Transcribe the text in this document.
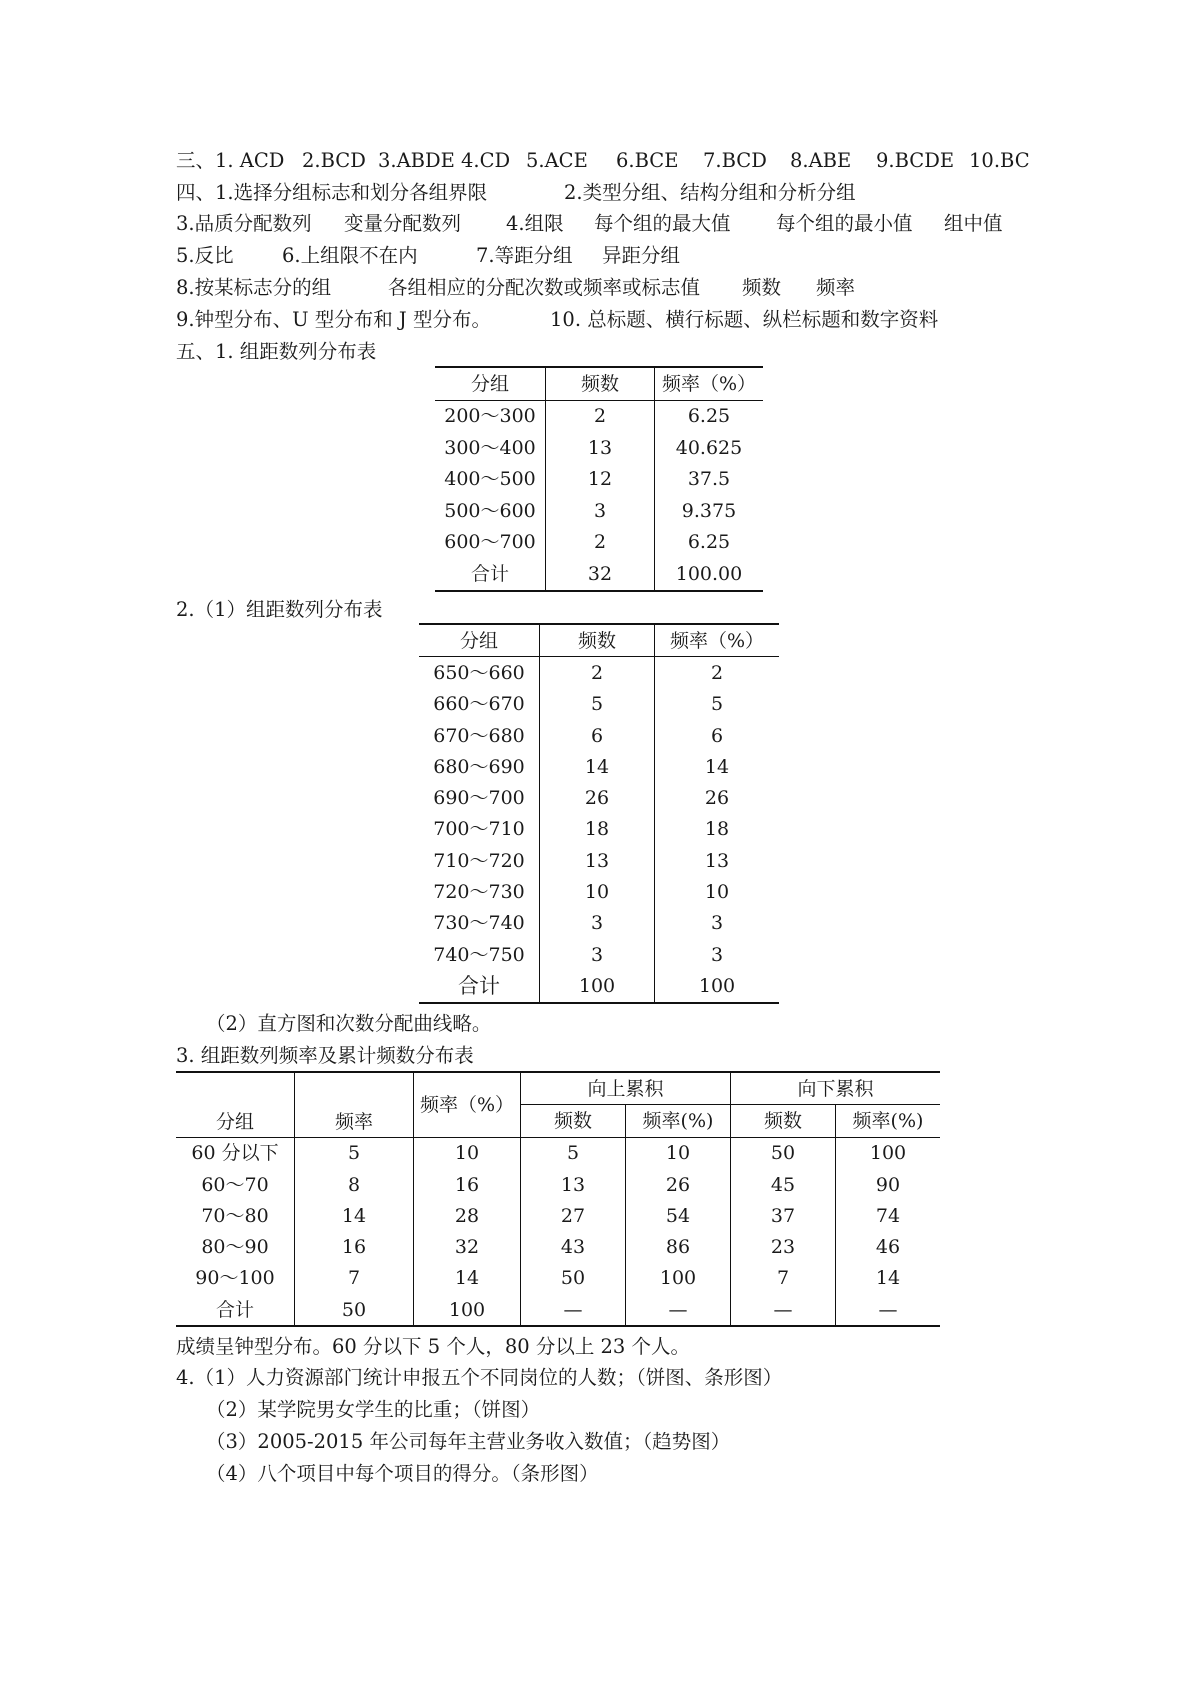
三、1. ACD

2.BCD

3.ABDE

4.CD

5.ACE

6.BCE

7.BCD

8.ABE

9.BCDE

10.BC

四、1.选择分组标志和划分各组界限

	2.类型分组、结构分组和分析分组

3.品质分配数列

变量分配数列

4.组限

每个组的最大值

每个组的最小值

组中值

5.反比

6.上组限不在内

	7.等距分组

异距分组

8.按某标志分的组

	各组相应的分配次数或频率或标志值

频数

频率

9.钟型分布、U 型分布和 J 型分布。

	10. 总标题、横行标题、纵栏标题和数字资料

五、1. 组距数列分布表
分组	频数	频率（%）
200～300	2	6.25
300～400	13	40.625
400～500	12	37.5
500～600	3	9.375
600～700	2	6.25
合计	32	100.00
2.（1）组距数列分布表
分组	频数	频率（%）
650～660	2	2
660～670	5	5
670～680	6	6
680～690	14	14
690～700	26	26
700～710	18	18
710～720	13	13
720～730	10	10
730～740	3	3
740～750	3	3
合计	100	100
（2）直方图和次数分配曲线略。
3. 组距数列频率及累计频数分布表
分组	频率	频率（%）	向上累积		向下累积	
			频数	频率(%)	频数	频率(%)
60 分以下	5	10	5	10	50	100
60～70	8	16	13	26	45	90
70～80	14	28	27	54	37	74
80～90	16	32	43	86	23	46
90～100	7	14	50	100	7	14
合计	50	100	—	—	—	—
成绩呈钟型分布。60 分以下 5 个人，80 分以上 23 个人。
4.（1）人力资源部门统计申报五个不同岗位的人数；（饼图、条形图）
（2）某学院男女学生的比重；（饼图）
（3）2005-2015 年公司每年主营业务收入数值；（趋势图）
（4）八个项目中每个项目的得分。（条形图）
